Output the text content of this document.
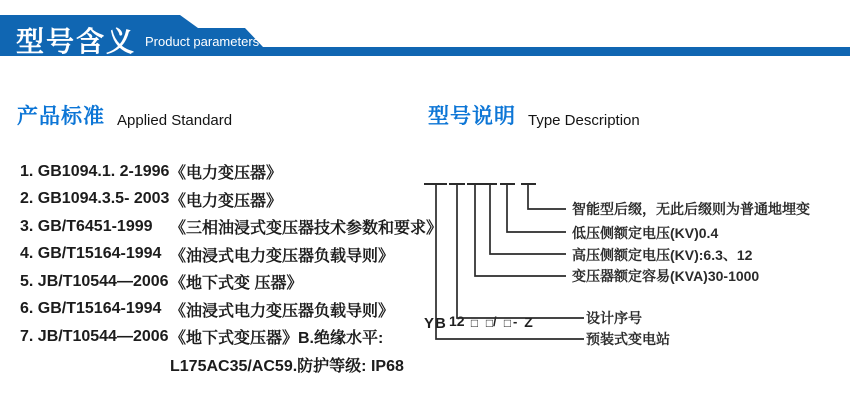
型号含义 Product parameters
产品标准 Applied Standard
1. GB1094.1. 2-1996 《电力变压器》
2. GB1094.3.5- 2003 《电力变压器》
3. GB/T6451-1999	《三相油浸式变压器技术参数和要求》
4. GB/T15164-1994 《油浸式电力变压器负载导则》
5. JB/T10544—2006 《地下式变 压器》
6. GB/T15164-1994 《油浸式电力变压器负载导则》
7. JB/T10544—2006 《地下式变压器》B.绝缘水平:
L175AC35/AC59.防护等级: IP68
型号说明 Type Description
YB 12 □ □ / □ - Z
智能型后缀，无此后缀则为普通地埋变
低压侧额定电压(KV)0.4
高压侧额定电压(KV):6.3、12
变压器额定容易(KVA)30-1000
设计序号
预装式变电站
